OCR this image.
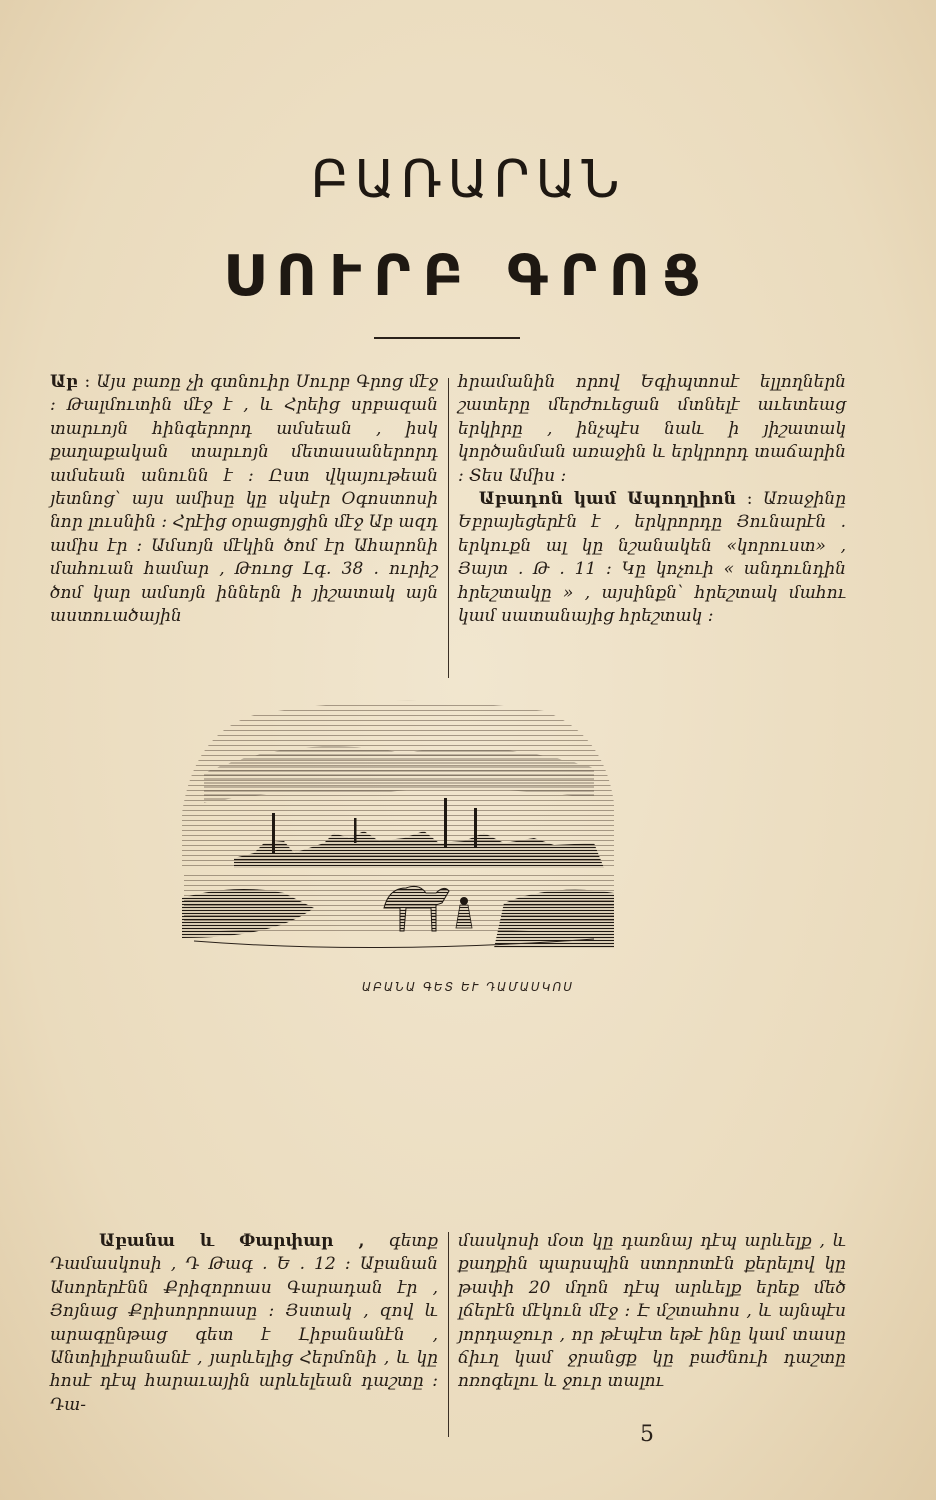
ԲԱՌԱՐԱՆ
ՍՈՒՐԲ ԳՐՈՑ

Աբ ։ Այս բառը չի գտնուիր Սուրբ Գրոց մէջ ։ Թալմուտին մէջ է , և Հրեից սրբազան տարւոյն հինգերորդ ամսեան , իսկ քաղաքական տարւոյն մետասաներորդ ամսեան անունն է ։ Ըստ վկայութեան յետնոց՝ այս ամիսը կը սկսէր Օգոստոսի նոր լուսնին ։ Հրէից օրացոյցին մէջ Աբ ազդ ամիս էր ։ Ամսոյն մէկին ծոմ էր Ահարոնի մահուան համար , Թուոց Լգ․ 38 ․ ուրիշ ծոմ կար ամսոյն իններն ի յիշատակ այն աստուածային

հրամանին որով Եգիպտոսէ ելլողներն շատերը մերժուեցան մտնելէ աւետեաց երկիրը , ինչպէս նաև ի յիշատակ կործանման առաջին և երկրորդ տաճարին ։ Տես Ամիս ։

Աբադոն կամ Ապողղիոն ։ Առաջինը Եբրայեցերէն է , երկրորդը Յունարէն . երկուքն ալ կը նշանակեն «կորուստ» , Յայտ . Թ . 11 ։ Կը կոչուի « անդունդին հրեշտակը » , այսինքն՝ հրեշտակ մահու կամ սատանայից հրեշտակ ։

ԱԲԱՆԱ ԳԵՏ ԵՒ ԴԱՄԱՍԿՈՍ

Աբանա և Փարփար , գետք Դամասկոսի , Դ Թագ . Ե . 12 ։ Աբանան Ասորերէնն Քրիզորոաս Գարադան էր , Յոյնաց Քրիսորրոասը ։ Յստակ , զով և արագընթաց գետ է Լիբանանէն , Անտիլիբանանէ , յարևելից Հերմոնի , և կը հոսէ դէպ հարաւային արևելեան դաշտը ։ Դա-

մասկոսի մօտ կը դառնայ դէպ արևելք , և քաղքին պարսպին ստորոտէն քերելով կը թափի 20 մղոն դէպ արևելք երեք մեծ լճերէն մէկուն մէջ ։ Է մշտահոս , և այնպէս յորդաջուր , որ թէպէտ եթէ ինը կամ տասը ճիւղ կամ ջրանցք կը բաժնուի դաշտը ոռոգելու և ջուր տալու

5
